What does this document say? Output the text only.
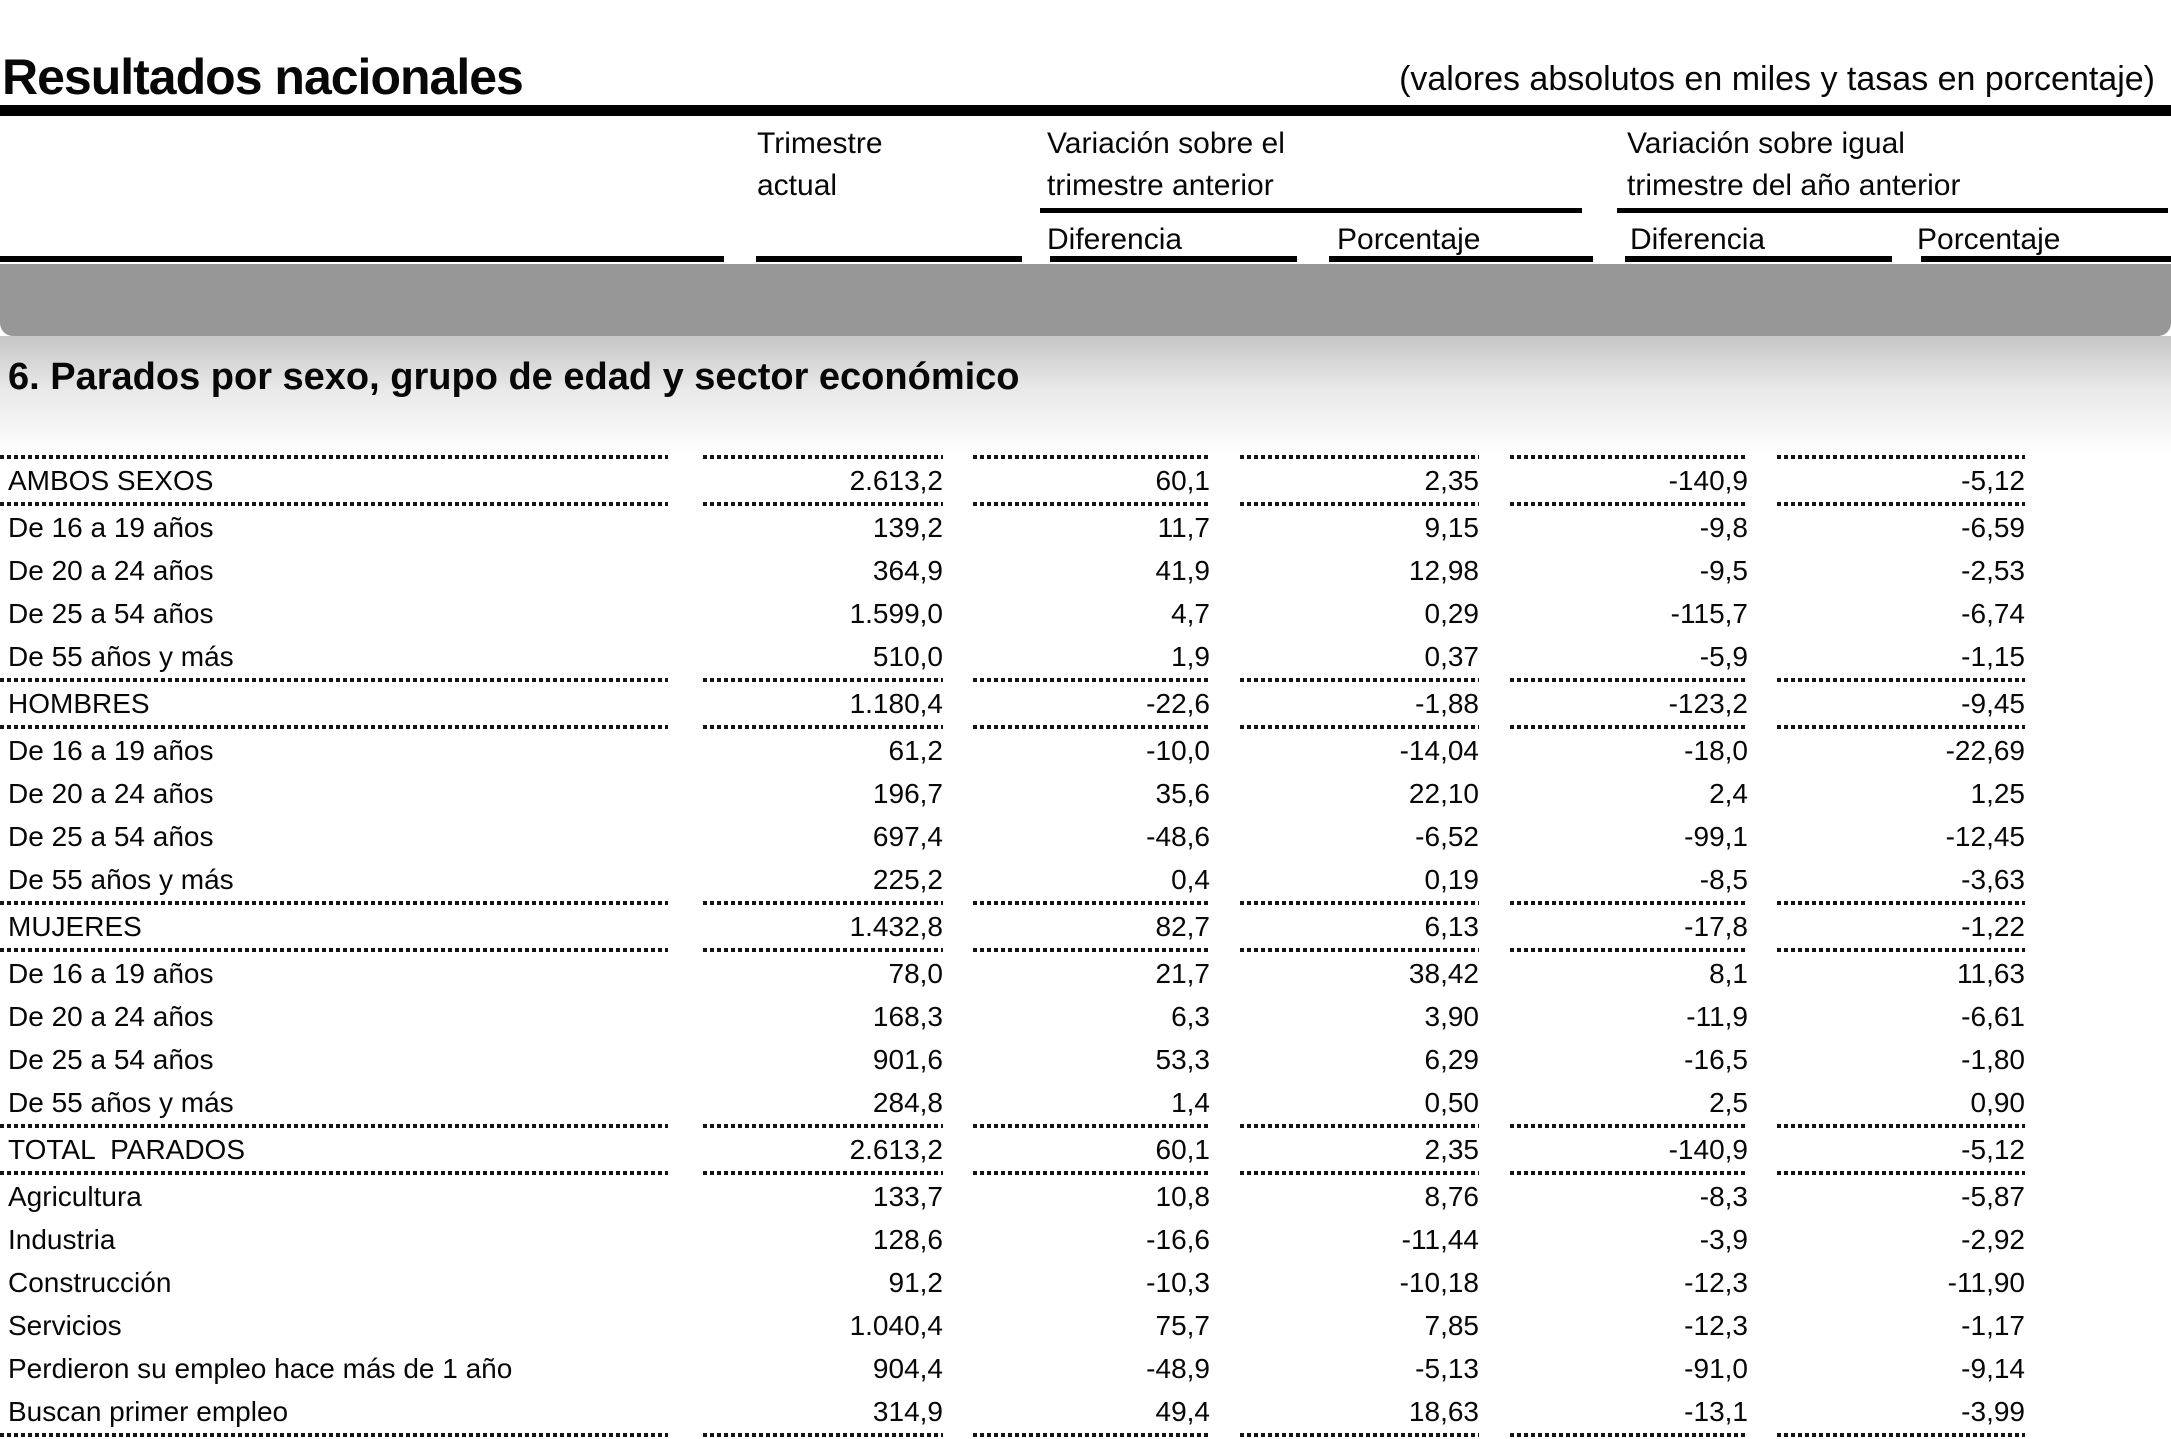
Resultados nacionales	(valores absolutos en miles y tasas en porcentaje)
Trimestre
actual
Variación sobre el
trimestre anterior
Diferencia	Porcentaje
Variación sobre igual
trimestre del año anterior
Diferencia	Porcentaje
6. Parados por sexo, grupo de edad y sector económico
AMBOS SEXOS	2.613,2	60,1	2,35	-140,9	-5,12
De 16 a 19 años	139,2	11,7	9,15	-9,8	-6,59
De 20 a 24 años	364,9	41,9	12,98	-9,5	-2,53
De 25 a 54 años	1.599,0	4,7	0,29	-115,7	-6,74
De 55 años y más	510,0	1,9	0,37	-5,9	-1,15
HOMBRES	1.180,4	-22,6	-1,88	-123,2	-9,45
De 16 a 19 años	61,2	-10,0	-14,04	-18,0	-22,69
De 20 a 24 años	196,7	35,6	22,10	2,4	1,25
De 25 a 54 años	697,4	-48,6	-6,52	-99,1	-12,45
De 55 años y más	225,2	0,4	0,19	-8,5	-3,63
MUJERES	1.432,8	82,7	6,13	-17,8	-1,22
De 16 a 19 años	78,0	21,7	38,42	8,1	11,63
De 20 a 24 años	168,3	6,3	3,90	-11,9	-6,61
De 25 a 54 años	901,6	53,3	6,29	-16,5	-1,80
De 55 años y más	284,8	1,4	0,50	2,5	0,90
TOTAL  PARADOS	2.613,2	60,1	2,35	-140,9	-5,12
Agricultura	133,7	10,8	8,76	-8,3	-5,87
Industria	128,6	-16,6	-11,44	-3,9	-2,92
Construcción	91,2	-10,3	-10,18	-12,3	-11,90
Servicios	1.040,4	75,7	7,85	-12,3	-1,17
Perdieron su empleo hace más de 1 año	904,4	-48,9	-5,13	-91,0	-9,14
Buscan primer empleo	314,9	49,4	18,63	-13,1	-3,99
